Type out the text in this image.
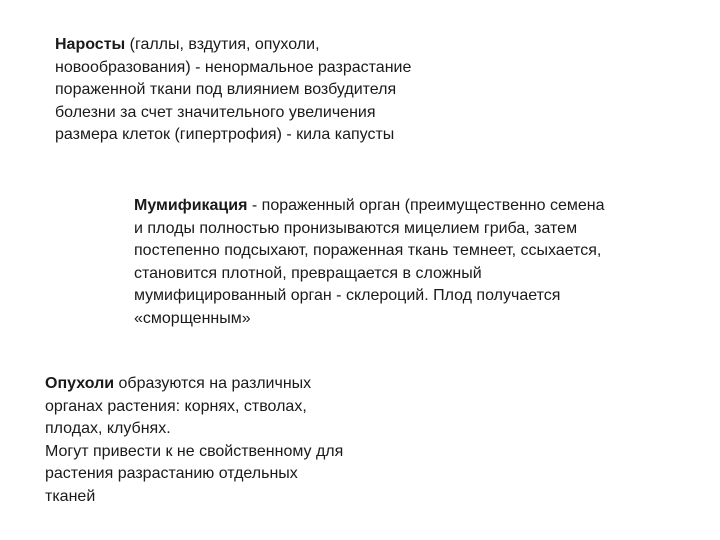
Наросты (галлы, вздутия, опухоли,
новообразования) - ненормальное разрастание
пораженной ткани под влиянием возбудителя
болезни за счет значительного увеличения
размера клеток (гипертрофия) - кила капусты
Мумификация - пораженный орган (преимущественно семена
и плоды полностью пронизываются мицелием гриба, затем
постепенно подсыхают, пораженная ткань темнеет, ссыхается,
становится плотной, превращается в сложный
мумифицированный орган - склероций. Плод получается
«сморщенным»
Опухоли образуются на различных
органах растения: корнях, стволах,
плодах, клубнях.
Могут привести к не свойственному для
растения разрастанию отдельных
тканей
